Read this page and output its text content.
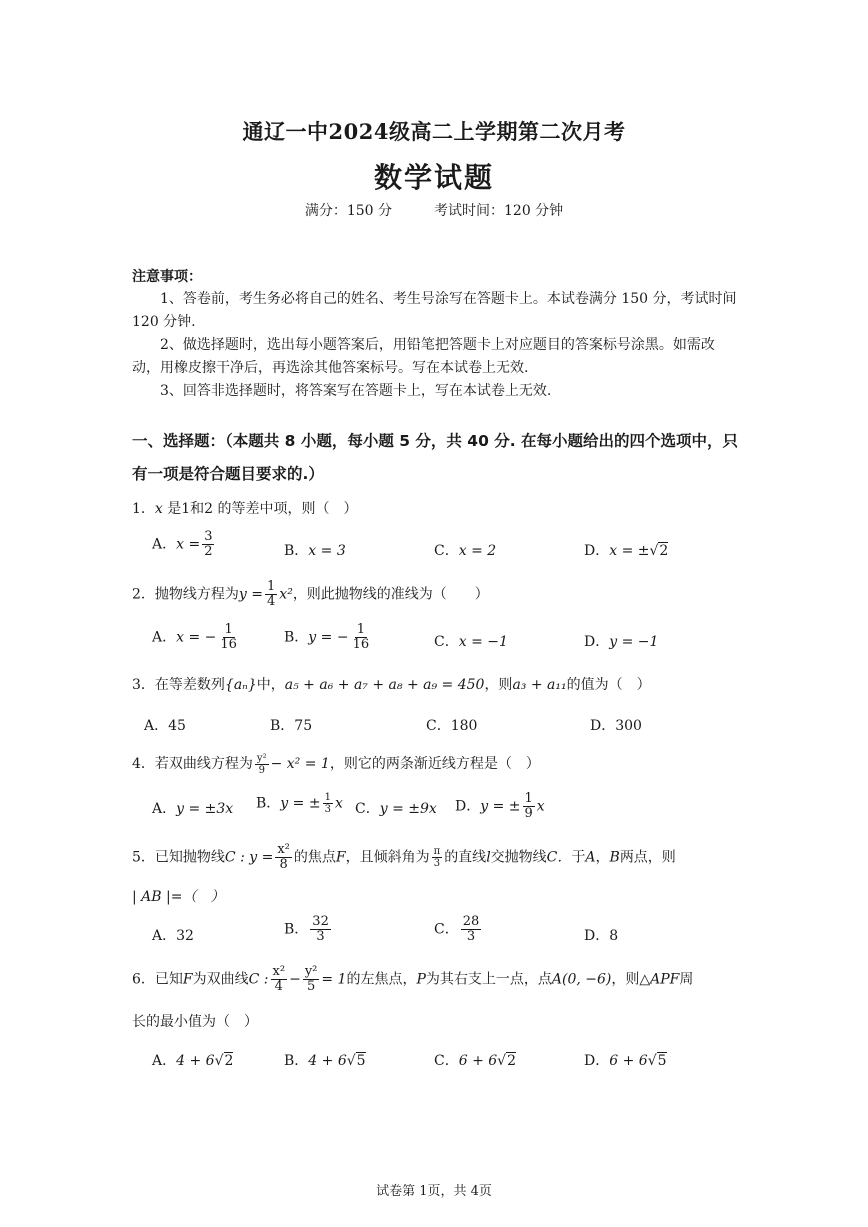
通辽一中2024级高二上学期第二次月考
数学试题
满分：150 分	考试时间：120 分钟
注意事项：
1、答卷前，考生务必将自己的姓名、考生号涂写在答题卡上。本试卷满分 150 分，考试时间 120 分钟.
2、做选择题时，选出每小题答案后，用铅笔把答题卡上对应题目的答案标号涂黑。如需改动，用橡皮擦干净后，再选涂其他答案标号。写在本试卷上无效.
3、回答非选择题时，将答案写在答题卡上，写在本试卷上无效.
一、选择题：（本题共 8 小题，每小题 5 分，共 40 分. 在每小题给出的四个选项中，只有一项是符合题目要求的.）
1．x 是1和2 的等差中项，则（　）
A．$x = \frac{3}{2}$	B．x = 3	C．x = 2	D．x = ±√2
2．抛物线方程为$y = \frac{1}{4} x^2$，则此抛物线的准线为（　　）
A．x = − $\frac{1}{16}$	B．y = − $\frac{1}{16}$	C．x = −1	D．y = −1
3．在等差数列{aₙ}中，a₅ + a₆ + a₇ + a₈ + a₉ = 450，则a₃ + a₁₁的值为（　）
A．45	B．75	C．180	D．300
4．若双曲线方程为 $\frac{\text{y²}}{9} - x^2 = 1$，则它的两条渐近线方程是（　）
A．y = ±3x B．y = ± $\frac{1}{3}$ x C．y = ±9x D．y = ± $\frac{1}{9}$ x
5．已知抛物线C : $y = \frac{\text{x²}}{8}$ 的焦点F，且倾斜角为 $\frac{\pi}{3}$ 的直线l交抛物线C．于A，B两点，则
| AB |=（　）
A．32	B． $\frac{32}{3}$	C． $\frac{28}{3}$	D．8
6．已知F为双曲线C : $\frac{\text{x²}}{4} - \frac{\text{y²}}{5} = 1$的左焦点，P为其右支上一点，点A(0, −6)，则△APF周
长的最小值为（　）
A．4 + 6√2	B．4 + 6√5	C．6 + 6√2	D．6 + 6√5
试卷第 1页，共 4页
